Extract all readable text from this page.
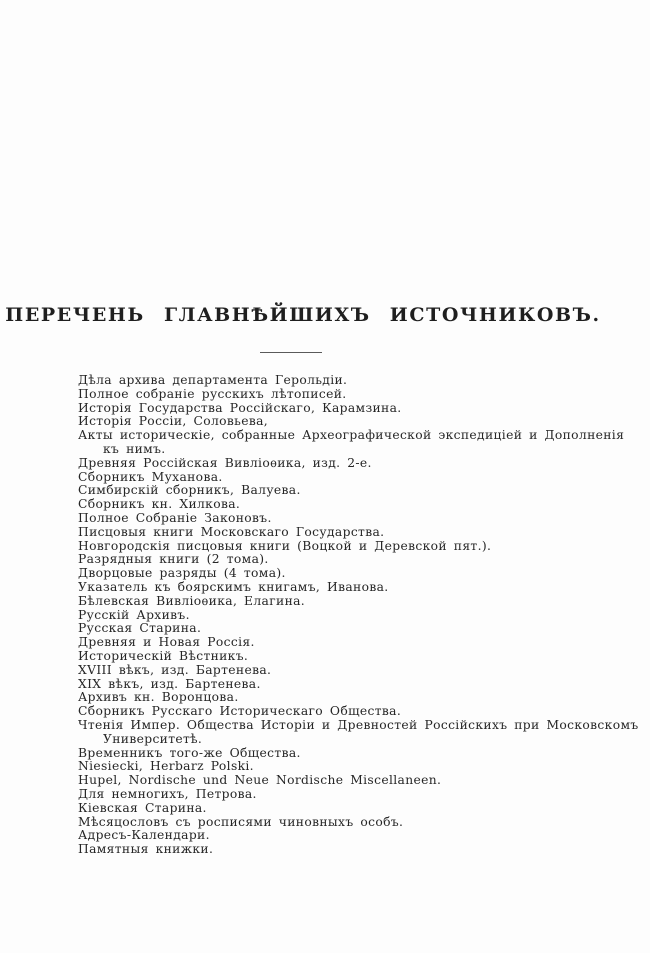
ПЕРЕЧЕНЬ ГЛАВНѢЙШИХЪ ИСТОЧНИКОВЪ.
Дѣла архива департамента Герольдіи.
Полное собраніе русскихъ лѣтописей.
Исторія Государства Россійскаго, Карамзина.
Исторія Россіи, Соловьева,
Акты историческіе, собранные Археографической экспедиціей и Дополненія
къ нимъ.
Древняя Россійская Вивліоѳика, изд. 2-е.
Сборникъ Муханова.
Симбирскій сборникъ, Валуева.
Сборникъ кн. Хилкова.
Полное Собраніе Законовъ.
Писцовыя книги Московскаго Государства.
Новгородскія писцовыя книги (Воцкой и Деревской пят.).
Разрядныя книги (2 тома).
Дворцовые разряды (4 тома).
Указатель къ боярскимъ книгамъ, Иванова.
Бѣлевская Вивліоѳика, Елагина.
Русскій Архивъ.
Русская Старина.
Древняя и Новая Россія.
Историческій Вѣстникъ.
XVIII вѣкъ, изд. Бартенева.
XIX вѣкъ, изд. Бартенева.
Архивъ кн. Воронцова.
Сборникъ Русскаго Историческаго Общества.
Чтенія Импер. Общества Исторіи и Древностей Россійскихъ при Московскомъ
Университетѣ.
Временникъ того-же Общества.
Niesiecki, Herbarz Polski.
Hupel, Nordische und Neue Nordische Miscellaneen.
Для немногихъ, Петрова.
Кіевская Старина.
Мѣсяцословъ съ росписями чиновныхъ особъ.
Адресъ-Календари.
Памятныя книжки.
